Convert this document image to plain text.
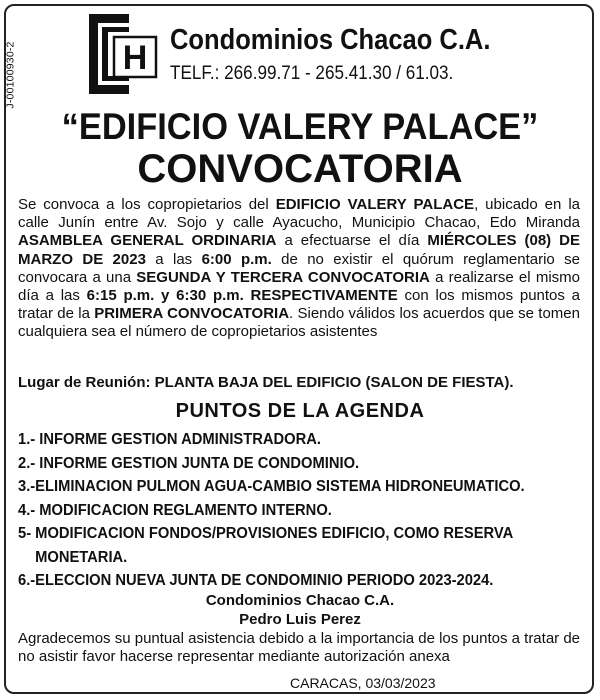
J-00100930-2	H Condominios Chacao C.A.
TELF.: 266.99.71 - 265.41.30 / 61.03.
“EDIFICIO VALERY PALACE”
CONVOCATORIA

Se convoca a los copropietarios del EDIFICIO VALERY PALACE, ubicado en la calle Junín entre Av. Sojo y calle Ayacucho, Municipio Chacao, Edo Miranda ASAMBLEA GENERAL ORDINARIA a efectuarse el día MIÉRCOLES (08) DE MARZO DE 2023 a las 6:00 p.m. de no existir el quórum reglamentario se convocara a una SEGUNDA Y TERCERA CONVOCATORIA a realizarse el mismo día a las 6:15 p.m. y 6:30 p.m. RESPECTIVAMENTE con los mismos puntos a tratar de la PRIMERA CONVOCATORIA. Siendo válidos los acuerdos que se tomen cualquiera sea el número de copropietarios asistentes

Lugar de Reunión: PLANTA BAJA DEL EDIFICIO (SALON DE FIESTA).
PUNTOS DE LA AGENDA
1.- INFORME GESTION ADMINISTRADORA.
2.- INFORME GESTION JUNTA DE CONDOMINIO.
3.-ELIMINACION PULMON AGUA-CAMBIO SISTEMA HIDRONEUMATICO.
4.- MODIFICACION REGLAMENTO INTERNO.
5- MODIFICACION FONDOS/PROVISIONES EDIFICIO, COMO RESERVA
MONETARIA.
6.-ELECCION NUEVA JUNTA DE CONDOMINIO PERIODO 2023-2024.
Condominios Chacao C.A.
Pedro Luis Perez
Agradecemos su puntual asistencia debido a la importancia de los puntos a tratar de no asistir favor hacerse representar mediante autorización anexa
CARACAS, 03/03/2023
